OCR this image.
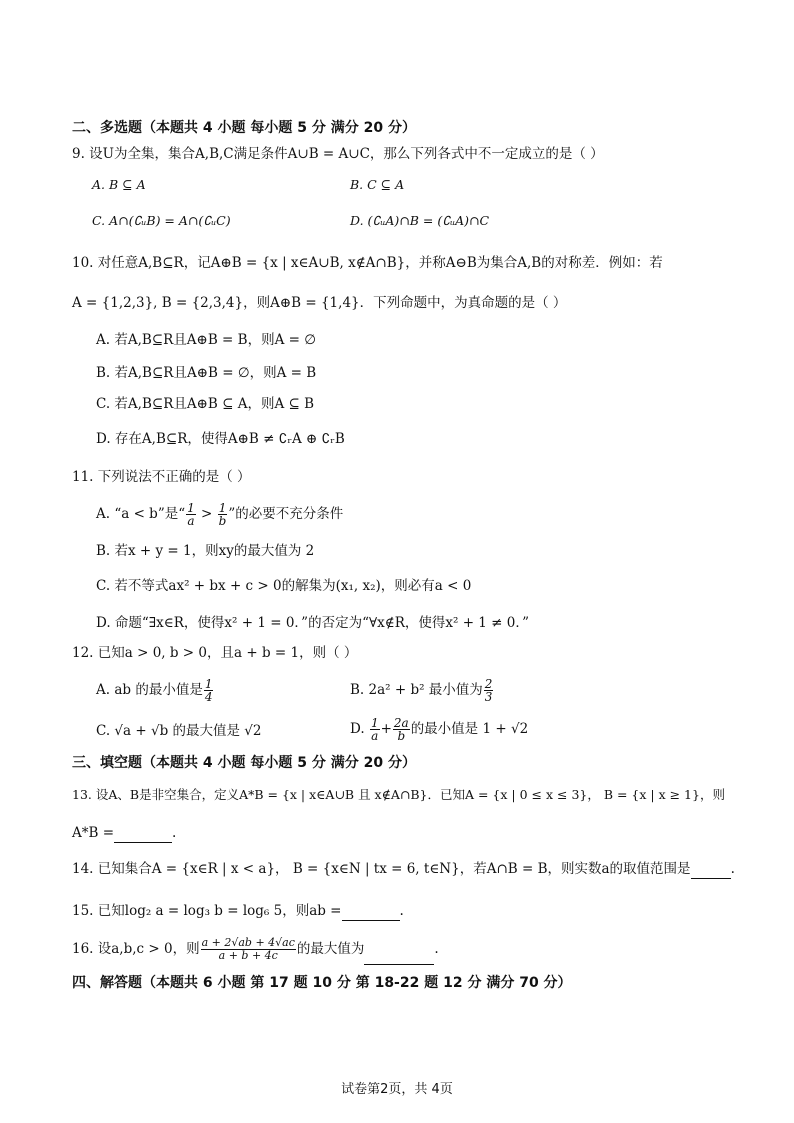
二、多选题（本题共 4 小题 每小题 5 分 满分 20 分）
9. 设U为全集，集合A,B,C满足条件A∪B = A∪C，那么下列各式中不一定成立的是（ ）
A. B ⊆ A	B. C ⊆ A
C. A∩(∁ᵤB) = A∩(∁ᵤC)	D. (∁ᵤA)∩B = (∁ᵤA)∩C
10. 对任意A,B⊆R，记A⊕B = {x | x∈A∪B, x∉A∩B}，并称A⊖B为集合A,B的对称差．例如：若
A = {1,2,3}, B = {2,3,4}，则A⊕B = {1,4}．下列命题中，为真命题的是（ ）
A. 若A,B⊆R且A⊕B = B，则A = ∅
B. 若A,B⊆R且A⊕B = ∅，则A = B
C. 若A,B⊆R且A⊕B ⊆ A，则A ⊆ B
D. 存在A,B⊆R，使得A⊕B ≠ ∁ᵣA ⊕ ∁ᵣB
11. 下列说法不正确的是（ ）
A. “a < b”是“ $\frac{1}{a} > \frac{1}{b}$ ”的必要不充分条件
B. 若x + y = 1，则xy的最大值为 2
C. 若不等式ax² + bx + c > 0的解集为(x₁, x₂)，则必有a < 0
D. 命题“∃x∈R，使得x² + 1 = 0．”的否定为“∀x∉R，使得x² + 1 ≠ 0．”
12. 已知a > 0, b > 0，且a + b = 1，则（ ）
A. ab 的最小值是 $\frac{1}{4}$	B. 2a² + b² 最小值为 $\frac{2}{3}$
C. √a + √b 的最大值是 √2	D. $\frac{1}{a} + \frac{2a}{b}$ 的最小值是 1 + √2
三、填空题（本题共 4 小题 每小题 5 分 满分 20 分）
13. 设A、B是非空集合，定义A*B = {x | x∈A∪B 且 x∉A∩B}．已知A = {x | 0 ≤ x ≤ 3}， B = {x | x ≥ 1}，则
A*B =	.
14. 已知集合A = {x∈R | x < a}， B = {x∈N | tx = 6, t∈N}，若A∩B = B，则实数a的取值范围是	.
15. 已知log₂ a = log₃ b = log₆ 5，则ab =	.
16. 设a,b,c > 0，则 $\frac{a + 2√ab + 4√ac}{a + b + 4c}$ 的最大值为	.
四、解答题（本题共 6 小题 第 17 题 10 分 第 18-22 题 12 分 满分 70 分）
试卷第2页，共 4页
